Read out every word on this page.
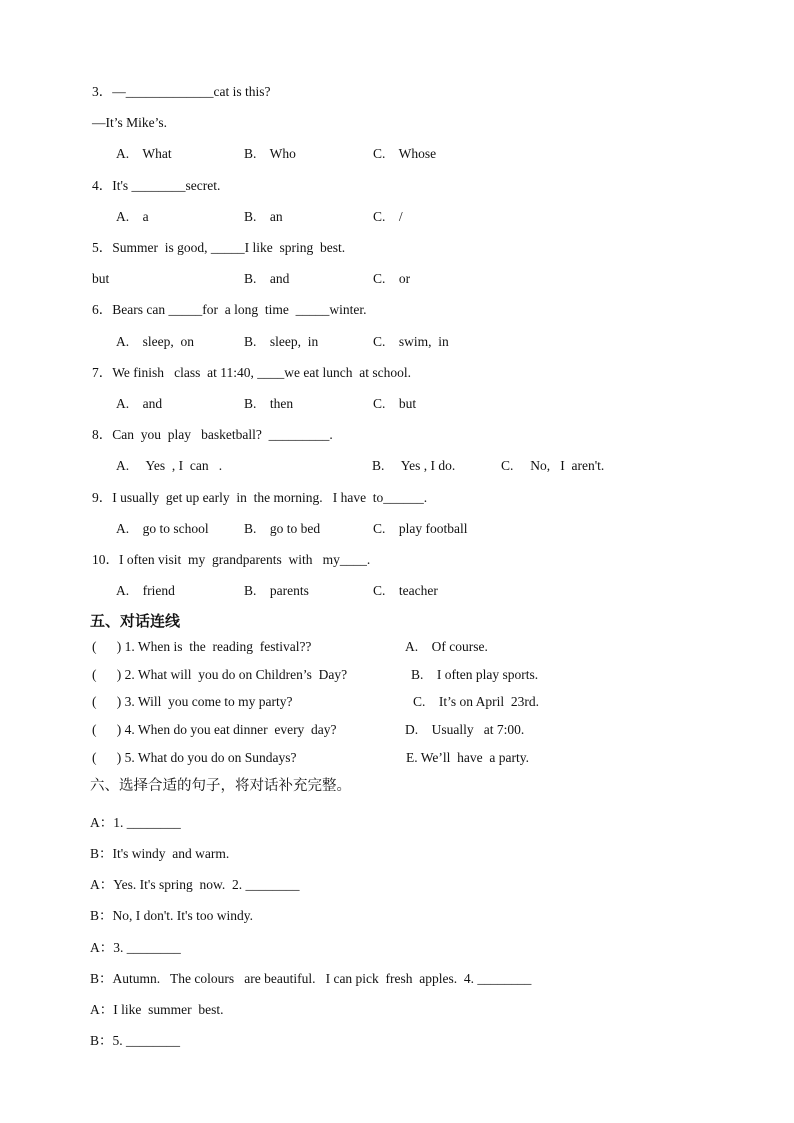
3．—_____________cat is this?
—It’s Mike’s.
A.    What	B.    Who	C.    Whose
4．It's ________secret.
A.    a	B.    an	C.    /
5．Summer  is good, _____I like  spring  best.
but	B.    and	C.    or
6．Bears can _____for  a long  time  _____winter.
A.    sleep,  on	B.    sleep,  in	C.    swim,  in
7．We finish   class  at 11:40, ____we eat lunch  at school.
A.    and	B.    then	C.    but
8．Can  you  play   basketball?  _________.
A.     Yes  , I  can   .	B.     Yes , I do.	C.     No,   I  aren't.
9．I usually  get up early  in  the morning.   I have  to______.
A.    go to school	B.    go to bed	C.    play football
10．I often visit  my  grandparents  with   my____.
A.    friend	B.    parents	C.    teacher
五、对话连线
(      ) 1. When is  the  reading  festival??	A.    Of course.
(      ) 2. What will  you do on Children’s  Day?	B.    I often play sports.
(      ) 3. Will  you come to my party?	C.    It’s on April  23rd.
(      ) 4. When do you eat dinner  every  day?	D.    Usually   at 7:00.
(      ) 5. What do you do on Sundays?	E. We’ll  have  a party.
六、选择合适的句子，将对话补充完整。
A：1. ________
B：It's windy  and warm.
A：Yes. It's spring  now.  2. ________
B：No, I don't. It's too windy.
A：3. ________
B：Autumn.   The colours   are beautiful.   I can pick  fresh  apples.  4. ________
A：I like  summer  best.
B：5. ________
